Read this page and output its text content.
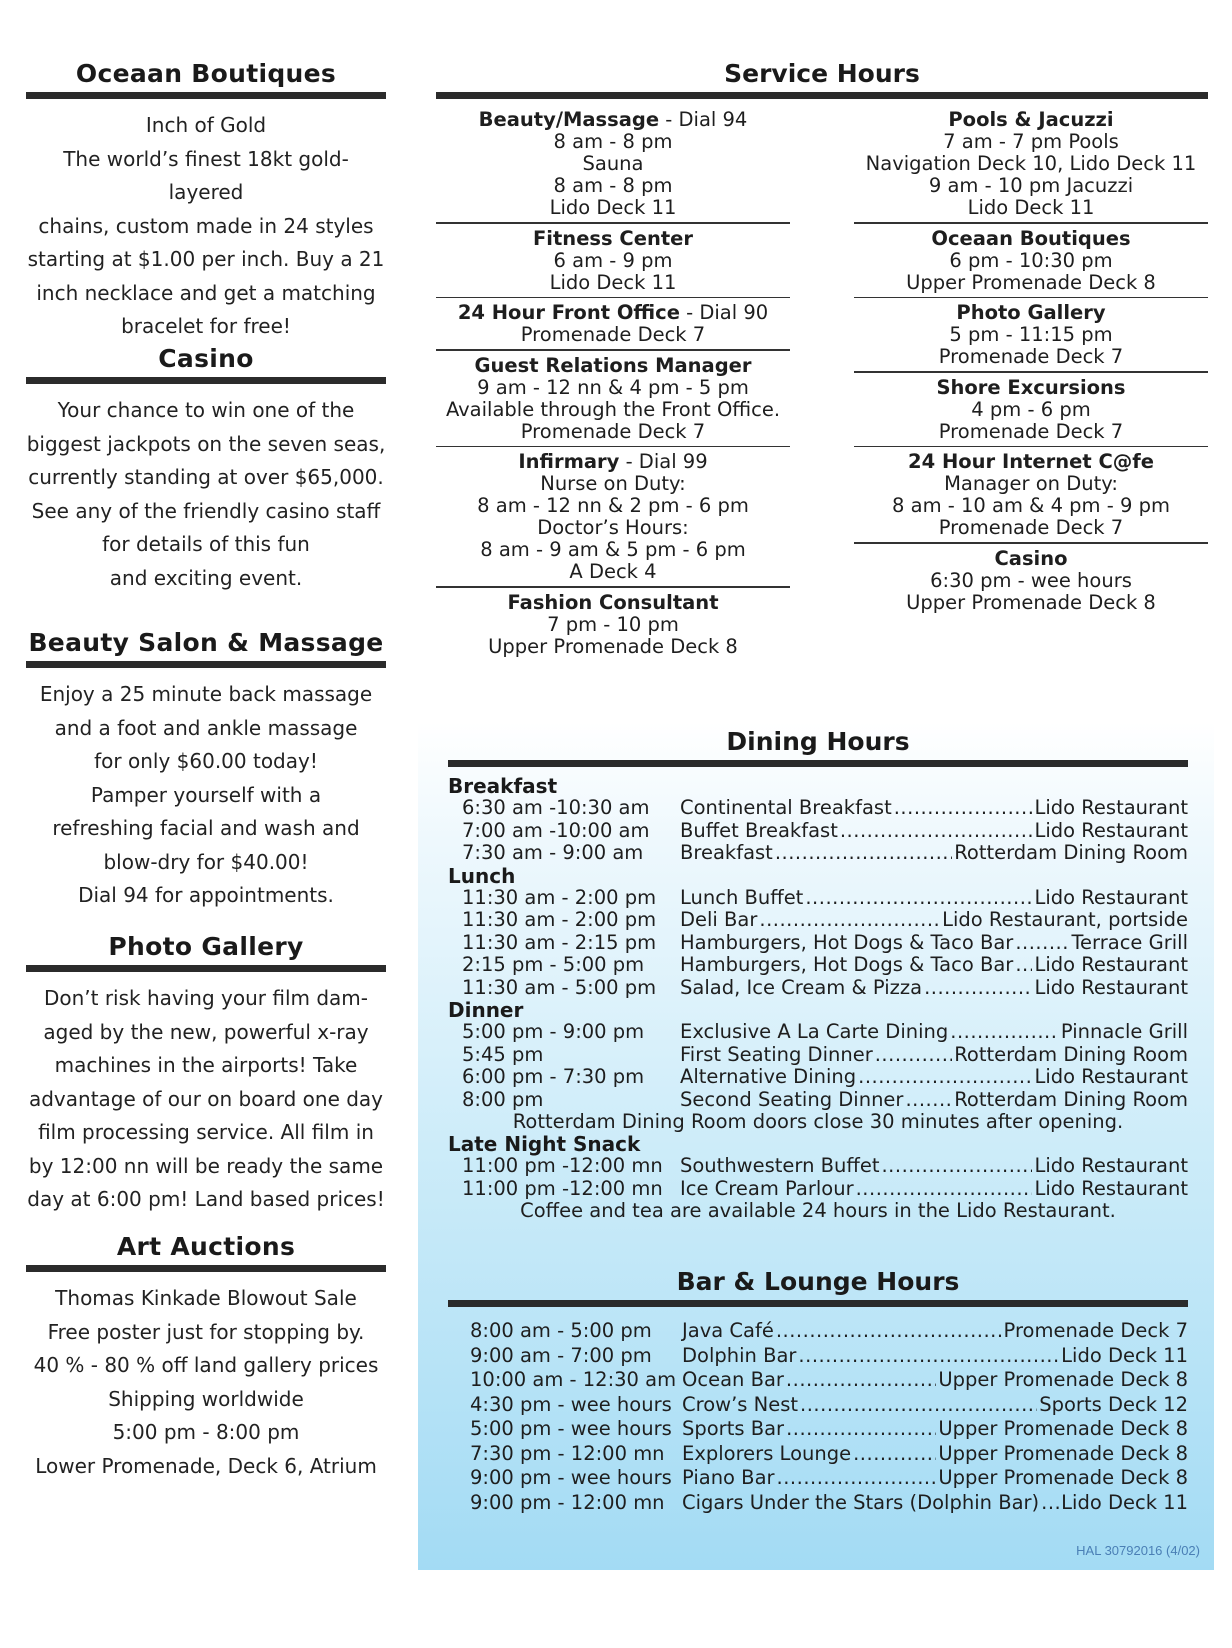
Oceaan Boutiques
Inch of Gold
The world’s finest 18kt gold-layered
chains, custom made in 24 styles
starting at $1.00 per inch. Buy a 21
inch necklace and get a matching
bracelet for free!
Casino
Your chance to win one of the
biggest jackpots on the seven seas,
currently standing at over $65,000.
See any of the friendly casino staff
for details of this fun
and exciting event.
Beauty Salon & Massage
Enjoy a 25 minute back massage
and a foot and ankle massage
for only $60.00 today!
Pamper yourself with a
refreshing facial and wash and
blow-dry for $40.00!
Dial 94 for appointments.
Photo Gallery
Don’t risk having your film dam-
aged by the new, powerful x-ray
machines in the airports! Take
advantage of our on board one day
film processing service. All film in
by 12:00 nn will be ready the same
day at 6:00 pm! Land based prices!
Art Auctions
Thomas Kinkade Blowout Sale
Free poster just for stopping by.
40 % - 80 % off land gallery prices
Shipping worldwide
5:00 pm - 8:00 pm
Lower Promenade, Deck 6, Atrium
Service Hours
Beauty/Massage - Dial 94
8 am - 8 pm
Sauna
8 am - 8 pm
Lido Deck 11
Fitness Center
6 am - 9 pm
Lido Deck 11
24 Hour Front Office - Dial 90
Promenade Deck 7
Guest Relations Manager
9 am - 12 nn & 4 pm - 5 pm
Available through the Front Office.
Promenade Deck 7
Infirmary - Dial 99
Nurse on Duty:
8 am - 12 nn & 2 pm - 6 pm
Doctor’s Hours:
8 am - 9 am & 5 pm - 6 pm
A Deck 4
Fashion Consultant
7 pm - 10 pm
Upper Promenade Deck 8
Pools & Jacuzzi
7 am - 7 pm Pools
Navigation Deck 10, Lido Deck 11
9 am - 10 pm Jacuzzi
Lido Deck 11
Oceaan Boutiques
6 pm - 10:30 pm
Upper Promenade Deck 8
Photo Gallery
5 pm - 11:15 pm
Promenade Deck 7
Shore Excursions
4 pm - 6 pm
Promenade Deck 7
24 Hour Internet C@fe
Manager on Duty:
8 am - 10 am & 4 pm - 9 pm
Promenade Deck 7
Casino
6:30 pm - wee hours
Upper Promenade Deck 8
Dining Hours
Breakfast
6:30 am -10:30 am	Continental Breakfast .....	Lido Restaurant
7:00 am -10:00 am	Buffet Breakfast .....	Lido Restaurant
7:30 am - 9:00 am	Breakfast .....	Rotterdam Dining Room
Lunch
11:30 am - 2:00 pm	Lunch Buffet .....	Lido Restaurant
11:30 am - 2:00 pm	Deli Bar .....	Lido Restaurant, portside
11:30 am - 2:15 pm	Hamburgers, Hot Dogs & Taco Bar .....	Terrace Grill
2:15 pm - 5:00 pm	Hamburgers, Hot Dogs & Taco Bar ..... Lido Restaurant
11:30 am - 5:00 pm	Salad, Ice Cream & Pizza .....	Lido Restaurant
Dinner
5:00 pm - 9:00 pm	Exclusive A La Carte Dining .....	Pinnacle Grill
5:45 pm	First Seating Dinner .....	Rotterdam Dining Room
6:00 pm - 7:30 pm	Alternative Dining .....	Lido Restaurant
8:00 pm	Second Seating Dinner .....	Rotterdam Dining Room
Rotterdam Dining Room doors close 30 minutes after opening.
Late Night Snack
11:00 pm -12:00 mn Southwestern Buffet .....	Lido Restaurant
11:00 pm -12:00 mn Ice Cream Parlour .....	Lido Restaurant
Coffee and tea are available 24 hours in the Lido Restaurant.
Bar & Lounge Hours
8:00 am - 5:00 pm	Java Café .....	Promenade Deck 7
9:00 am - 7:00 pm	Dolphin Bar .....	Lido Deck 11
10:00 am - 12:30 am Ocean Bar .....	Upper Promenade Deck 8
4:30 pm - wee hours Crow’s Nest .....	Sports Deck 12
5:00 pm - wee hours Sports Bar .....	Upper Promenade Deck 8
7:30 pm - 12:00 mn Explorers Lounge .....	Upper Promenade Deck 8
9:00 pm - wee hours Piano Bar .....	Upper Promenade Deck 8
9:00 pm - 12:00 mn Cigars Under the Stars (Dolphin Bar) ..... Lido Deck 11
HAL 30792016 (4/02)
